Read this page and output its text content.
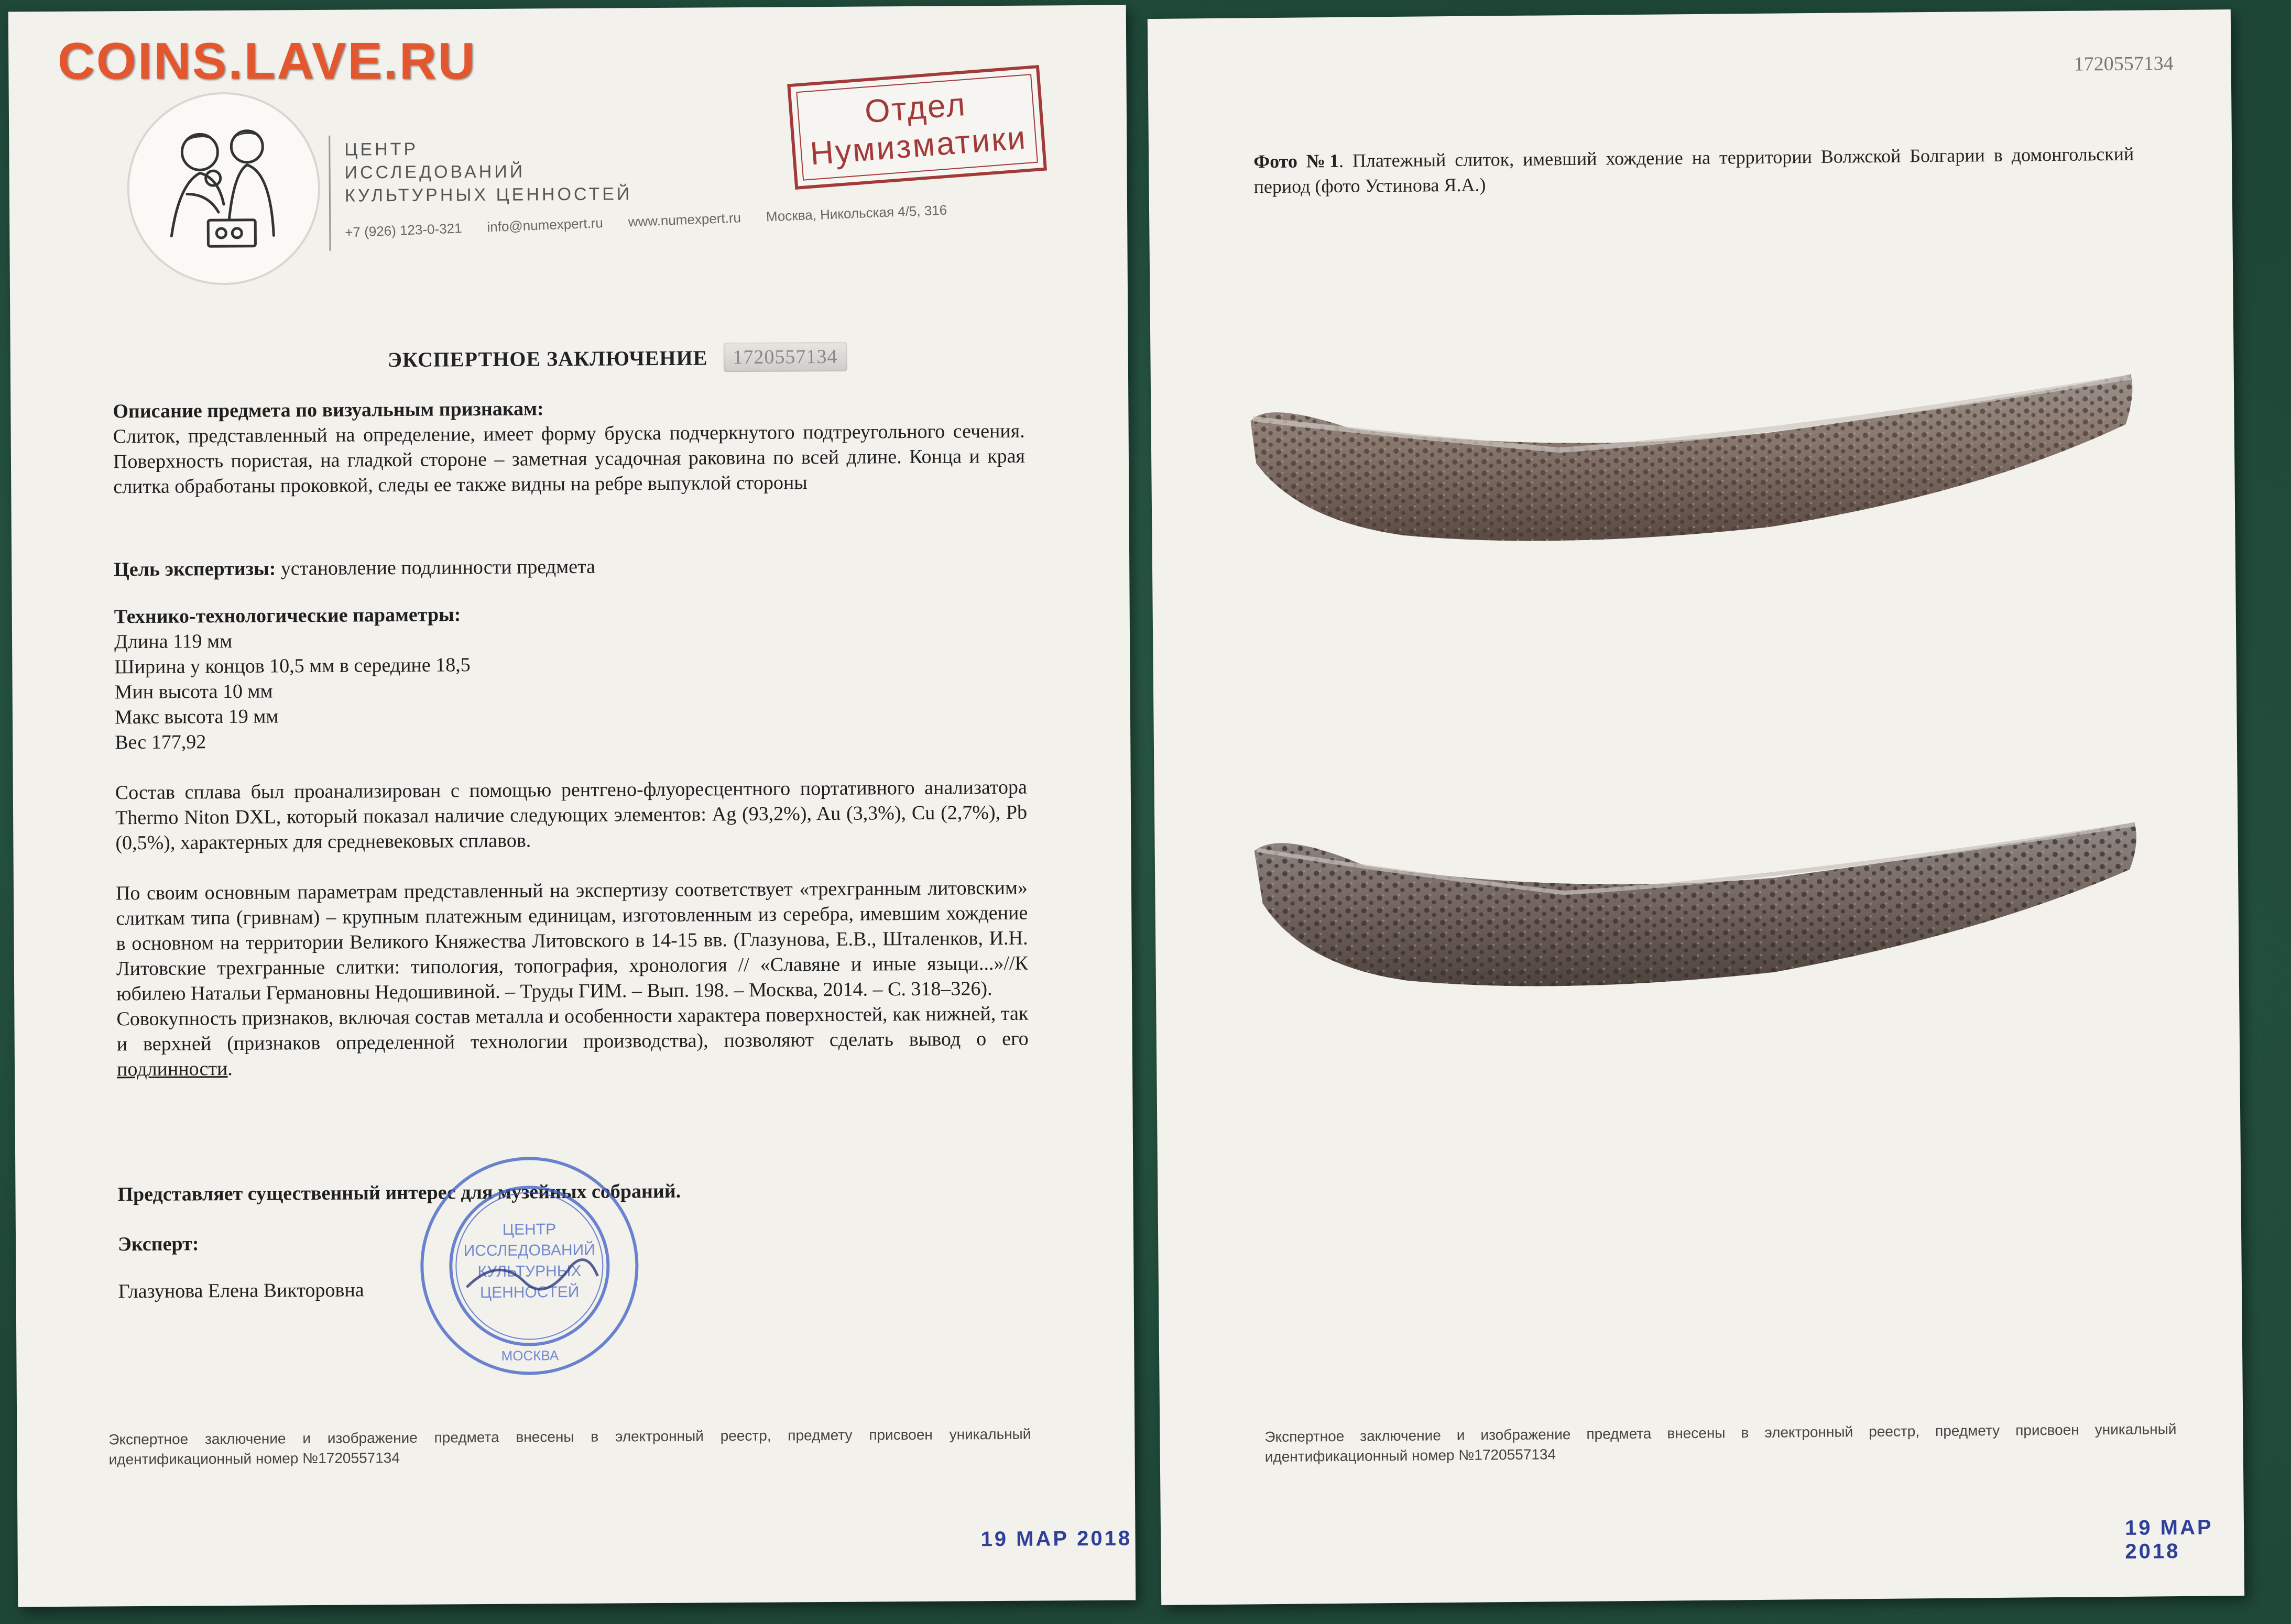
COINS.LAVE.RU
ЦЕНТР
ИССЛЕДОВАНИЙ
КУЛЬТУРНЫХ ЦЕННОСТЕЙ
+7 (926) 123-0-321 info@numexpert.ru www.numexpert.ru Москва, Никольская 4/5, 316
Отдел
Нумизматики
ЭКСПЕРТНОЕ ЗАКЛЮЧЕНИЕ	1720557134
Описание предмета по визуальным признакам:
Слиток, представленный на определение, имеет форму бруска подчеркнутого подтреугольного сечения. Поверхность пористая, на гладкой стороне – заметная усадочная раковина по всей длине. Конца и края слитка обработаны проковкой, следы ее также видны на ребре выпуклой стороны
Цель экспертизы: установление подлинности предмета
Технико-технологические параметры:
Длина 119 мм
Ширина у концов 10,5 мм в середине 18,5
Мин высота 10 мм
Макс высота 19 мм
Вес 177,92
Состав сплава был проанализирован с помощью рентгено-флуоресцентного портативного анализатора Thermo Niton DXL, который показал наличие следующих элементов: Ag (93,2%), Au (3,3%), Cu (2,7%), Pb (0,5%), характерных для средневековых сплавов.
По своим основным параметрам представленный на экспертизу соответствует «трехгранным литовским» слиткам типа (гривнам) – крупным платежным единицам, изготовленным из серебра, имевшим хождение в основном на территории Великого Княжества Литовского в 14-15 вв. (Глазунова, Е.В., Шталенков, И.Н. Литовские трехгранные слитки: типология, топография, хронология // «Славяне и иные языци...»//К юбилею Натальи Германовны Недошивиной. – Труды ГИМ. – Вып. 198. – Москва, 2014. – С. 318–326).
Совокупность признаков, включая состав металла и особенности характера поверхностей, как нижней, так и верхней (признаков определенной технологии производства), позволяют сделать вывод о его подлинности.
Представляет существенный интерес для музейных собраний.
Эксперт:
Глазунова Елена Викторовна
ЦЕНТР
ИССЛЕДОВАНИЙ
КУЛЬТУРНЫХ
ЦЕННОСТЕЙ
МОСКВА
Экспертное заключение и изображение предмета внесены в электронный реестр, предмету присвоен уникальный идентификационный номер №1720557134
19 МАР 2018
1720557134
Фото №1. Платежный слиток, имевший хождение на территории Волжской Болгарии в домонгольский период (фото Устинова Я.А.)
Экспертное заключение и изображение предмета внесены в электронный реестр, предмету присвоен уникальный идентификационный номер №1720557134
19 МАР 2018
